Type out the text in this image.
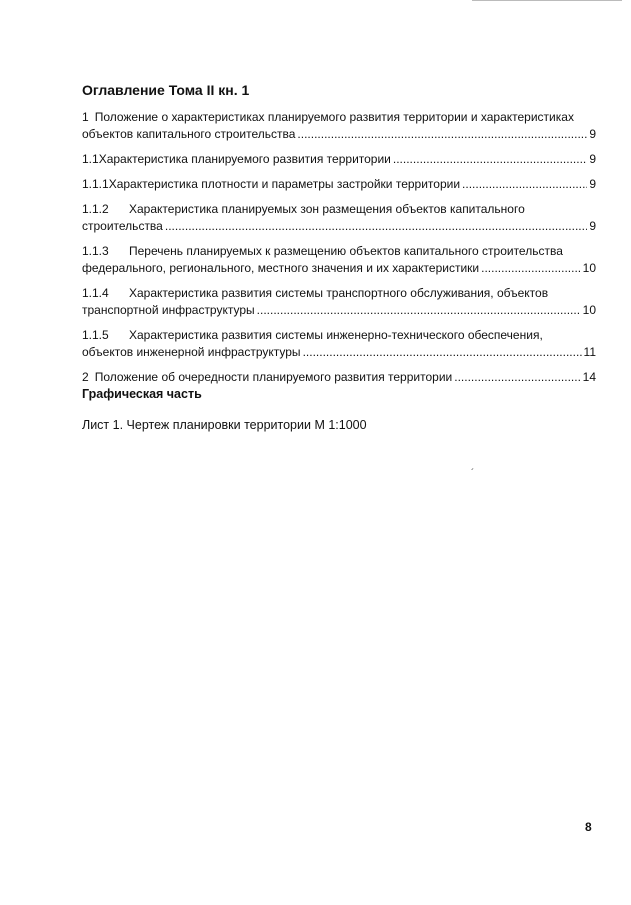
Оглавление Тома II кн. 1
1 Положение о характеристиках планируемого развития территории и характеристиках
объектов капитального строительства .....	9
1.1 Характеристика планируемого развития территории .....	9
1.1.1 Характеристика плотности и параметры застройки территории .....	9
1.1.2 Характеристика планируемых зон размещения объектов капитального
строительства .....	9
1.1.3 Перечень планируемых к размещению объектов капитального строительства
федерального, регионального, местного значения и их характеристики .....	10
1.1.4 Характеристика развития системы транспортного обслуживания, объектов
транспортной инфраструктуры .....	10
1.1.5 Характеристика развития системы инженерно-технического обеспечения,
объектов инженерной инфраструктуры .....	11
2 Положение об очередности планируемого развития территории .....	14
Графическая часть

Лист 1. Чертеж планировки территории М 1:1000

´
8
